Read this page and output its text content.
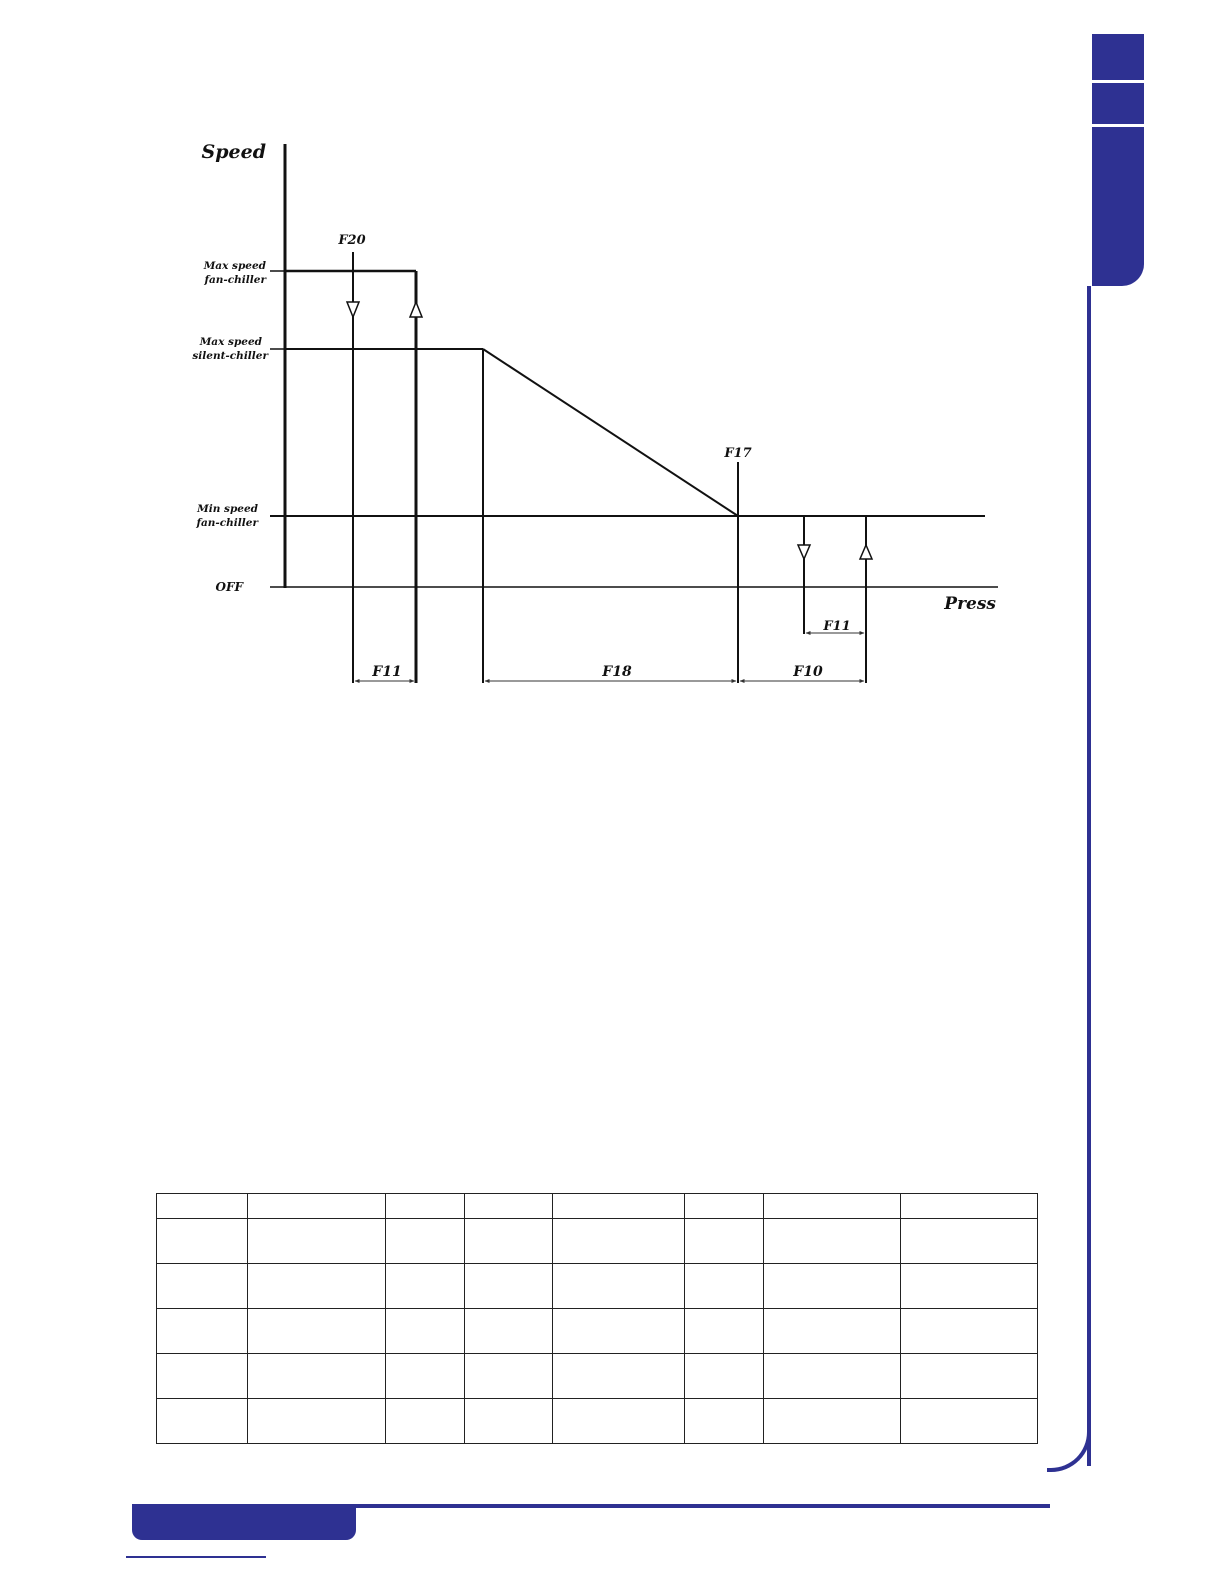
Speed
Press
Max speed
fan-chiller
Max speed
silent-chiller
Min speed
fan-chiller
OFF
F20
F17
F11	F18	F10
F11
